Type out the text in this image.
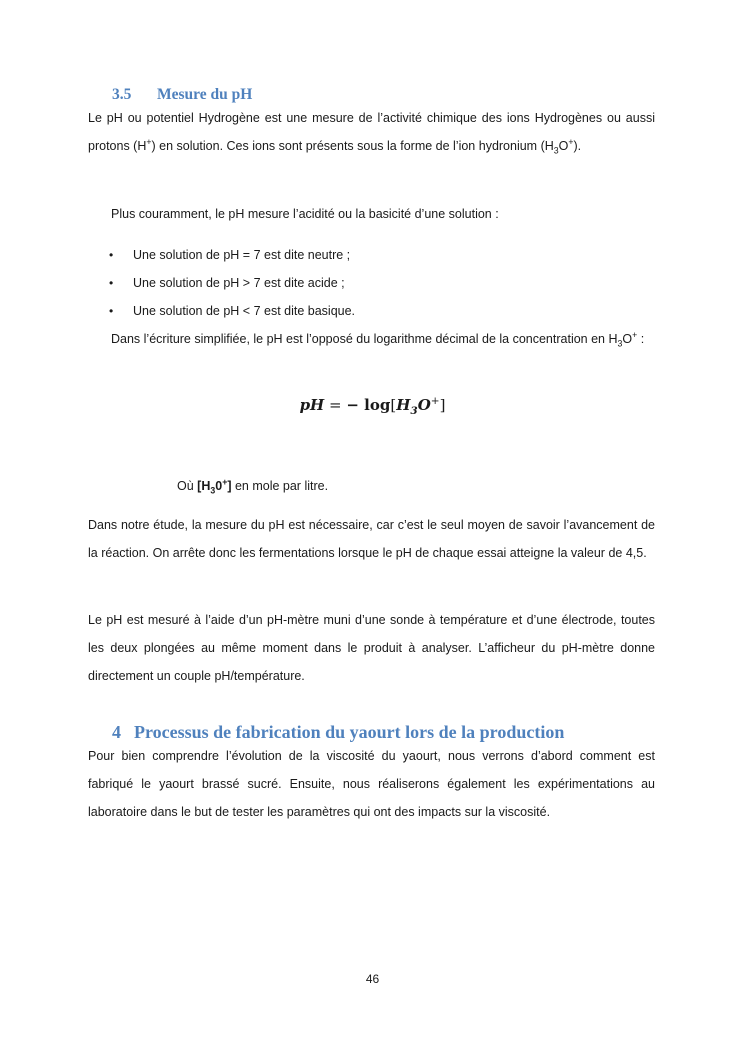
3.5 Mesure du pH

Le pH ou potentiel Hydrogène est une mesure de l’activité chimique des ions Hydrogènes ou aussi protons (H+) en solution. Ces ions sont présents sous la forme de l’ion hydronium $(H_3O^+)$.

Plus couramment, le pH mesure l’acidité ou la basicité d’une solution :

• Une solution de pH = 7 est dite neutre ;
• Une solution de pH > 7 est dite acide ;
• Une solution de pH < 7 est dite basique.

Dans l’écriture simplifiée, le pH est l’opposé du logarithme décimal de la concentration en $H_3O^+$ :

pH = − $\log[H_3O^+]$
Où $[H_30^+]$ en mole par litre.

Dans notre étude, la mesure du pH est nécessaire, car c’est le seul moyen de savoir l’avancement de la réaction. On arrête donc les fermentations lorsque le pH de chaque essai atteigne la valeur de 4,5.

Le pH est mesuré à l’aide d’un pH-mètre muni d’une sonde à température et d’une électrode, toutes les deux plongées au même moment dans le produit à analyser. L’afficheur du pH-mètre donne directement un couple pH/température.

4 Processus de fabrication du yaourt lors de la production

Pour bien comprendre l’évolution de la viscosité du yaourt, nous verrons d’abord comment est fabriqué le yaourt brassé sucré. Ensuite, nous réaliserons également les expérimentations au laboratoire dans le but de tester les paramètres qui ont des impacts sur la viscosité.

46
